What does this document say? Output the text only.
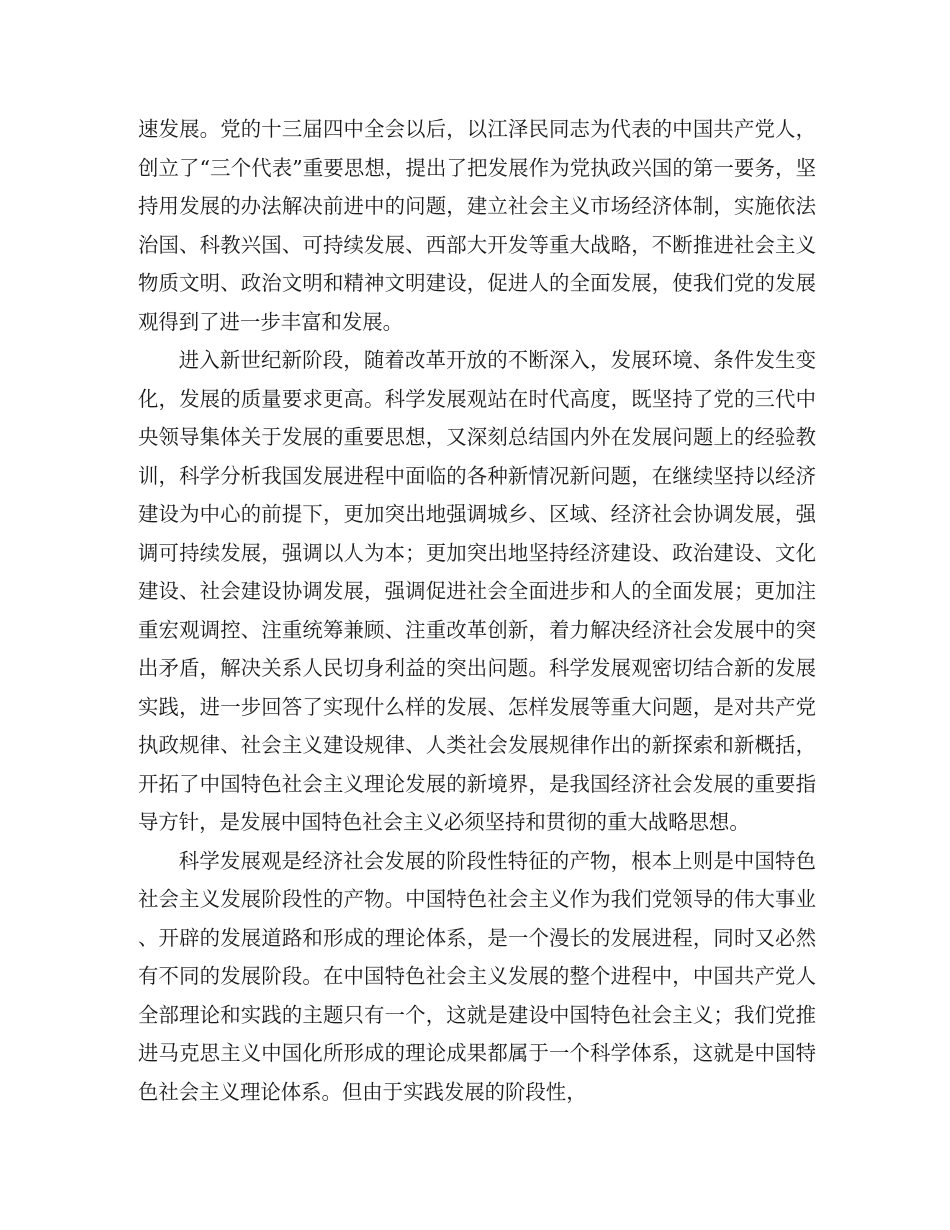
速发展。党的十三届四中全会以后，以江泽民同志为代表的中国共产党人，创立了“三个代表”重要思想，提出了把发展作为党执政兴国的第一要务，坚持用发展的办法解决前进中的问题，建立社会主义市场经济体制，实施依法治国、科教兴国、可持续发展、西部大开发等重大战略，不断推进社会主义物质文明、政治文明和精神文明建设，促进人的全面发展，使我们党的发展观得到了进一步丰富和发展。

进入新世纪新阶段，随着改革开放的不断深入，发展环境、条件发生变化，发展的质量要求更高。科学发展观站在时代高度，既坚持了党的三代中央领导集体关于发展的重要思想，又深刻总结国内外在发展问题上的经验教训，科学分析我国发展进程中面临的各种新情况新问题，在继续坚持以经济建设为中心的前提下，更加突出地强调城乡、区域、经济社会协调发展，强调可持续发展，强调以人为本；更加突出地坚持经济建设、政治建设、文化建设、社会建设协调发展，强调促进社会全面进步和人的全面发展；更加注重宏观调控、注重统筹兼顾、注重改革创新，着力解决经济社会发展中的突出矛盾，解决关系人民切身利益的突出问题。科学发展观密切结合新的发展实践，进一步回答了实现什么样的发展、怎样发展等重大问题，是对共产党执政规律、社会主义建设规律、人类社会发展规律作出的新探索和新概括，开拓了中国特色社会主义理论发展的新境界，是我国经济社会发展的重要指导方针，是发展中国特色社会主义必须坚持和贯彻的重大战略思想。

科学发展观是经济社会发展的阶段性特征的产物，根本上则是中国特色社会主义发展阶段性的产物。中国特色社会主义作为我们党领导的伟大事业、开辟的发展道路和形成的理论体系，是一个漫长的发展进程，同时又必然有不同的发展阶段。在中国特色社会主义发展的整个进程中，中国共产党人全部理论和实践的主题只有一个，这就是建设中国特色社会主义；我们党推进马克思主义中国化所形成的理论成果都属于一个科学体系，这就是中国特色社会主义理论体系。但由于实践发展的阶段性，
